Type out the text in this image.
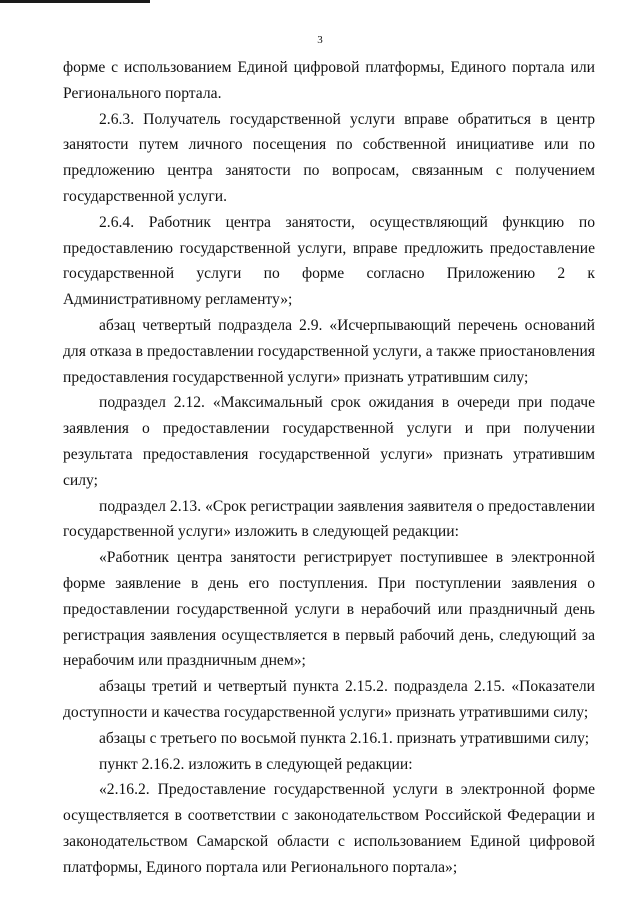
3

форме с использованием Единой цифровой платформы, Единого портала или Регионального портала.

2.6.3. Получатель государственной услуги вправе обратиться в центр занятости путем личного посещения по собственной инициативе или по предложению центра занятости по вопросам, связанным с получением государственной услуги.

2.6.4. Работник центра занятости, осуществляющий функцию по предоставлению государственной услуги, вправе предложить предоставление государственной услуги по форме согласно Приложению 2 к Административному регламенту»;

абзац четвертый подраздела 2.9. «Исчерпывающий перечень оснований для отказа в предоставлении государственной услуги, а также приостановления предоставления государственной услуги» признать утратившим силу;

подраздел 2.12. «Максимальный срок ожидания в очереди при подаче заявления о предоставлении государственной услуги и при получении результата предоставления государственной услуги» признать утратившим силу;

подраздел 2.13. «Срок регистрации заявления заявителя о предоставлении государственной услуги» изложить в следующей редакции:

«Работник центра занятости регистрирует поступившее в электронной форме заявление в день его поступления. При поступлении заявления о предоставлении государственной услуги в нерабочий или праздничный день регистрация заявления осуществляется в первый рабочий день, следующий за нерабочим или праздничным днем»;

абзацы третий и четвертый пункта 2.15.2. подраздела 2.15. «Показатели доступности и качества государственной услуги» признать утратившими силу;

абзацы с третьего по восьмой пункта 2.16.1. признать утратившими силу;

пункт 2.16.2. изложить в следующей редакции:

«2.16.2. Предоставление государственной услуги в электронной форме осуществляется в соответствии с законодательством Российской Федерации и законодательством Самарской области с использованием Единой цифровой платформы, Единого портала или Регионального портала»;
